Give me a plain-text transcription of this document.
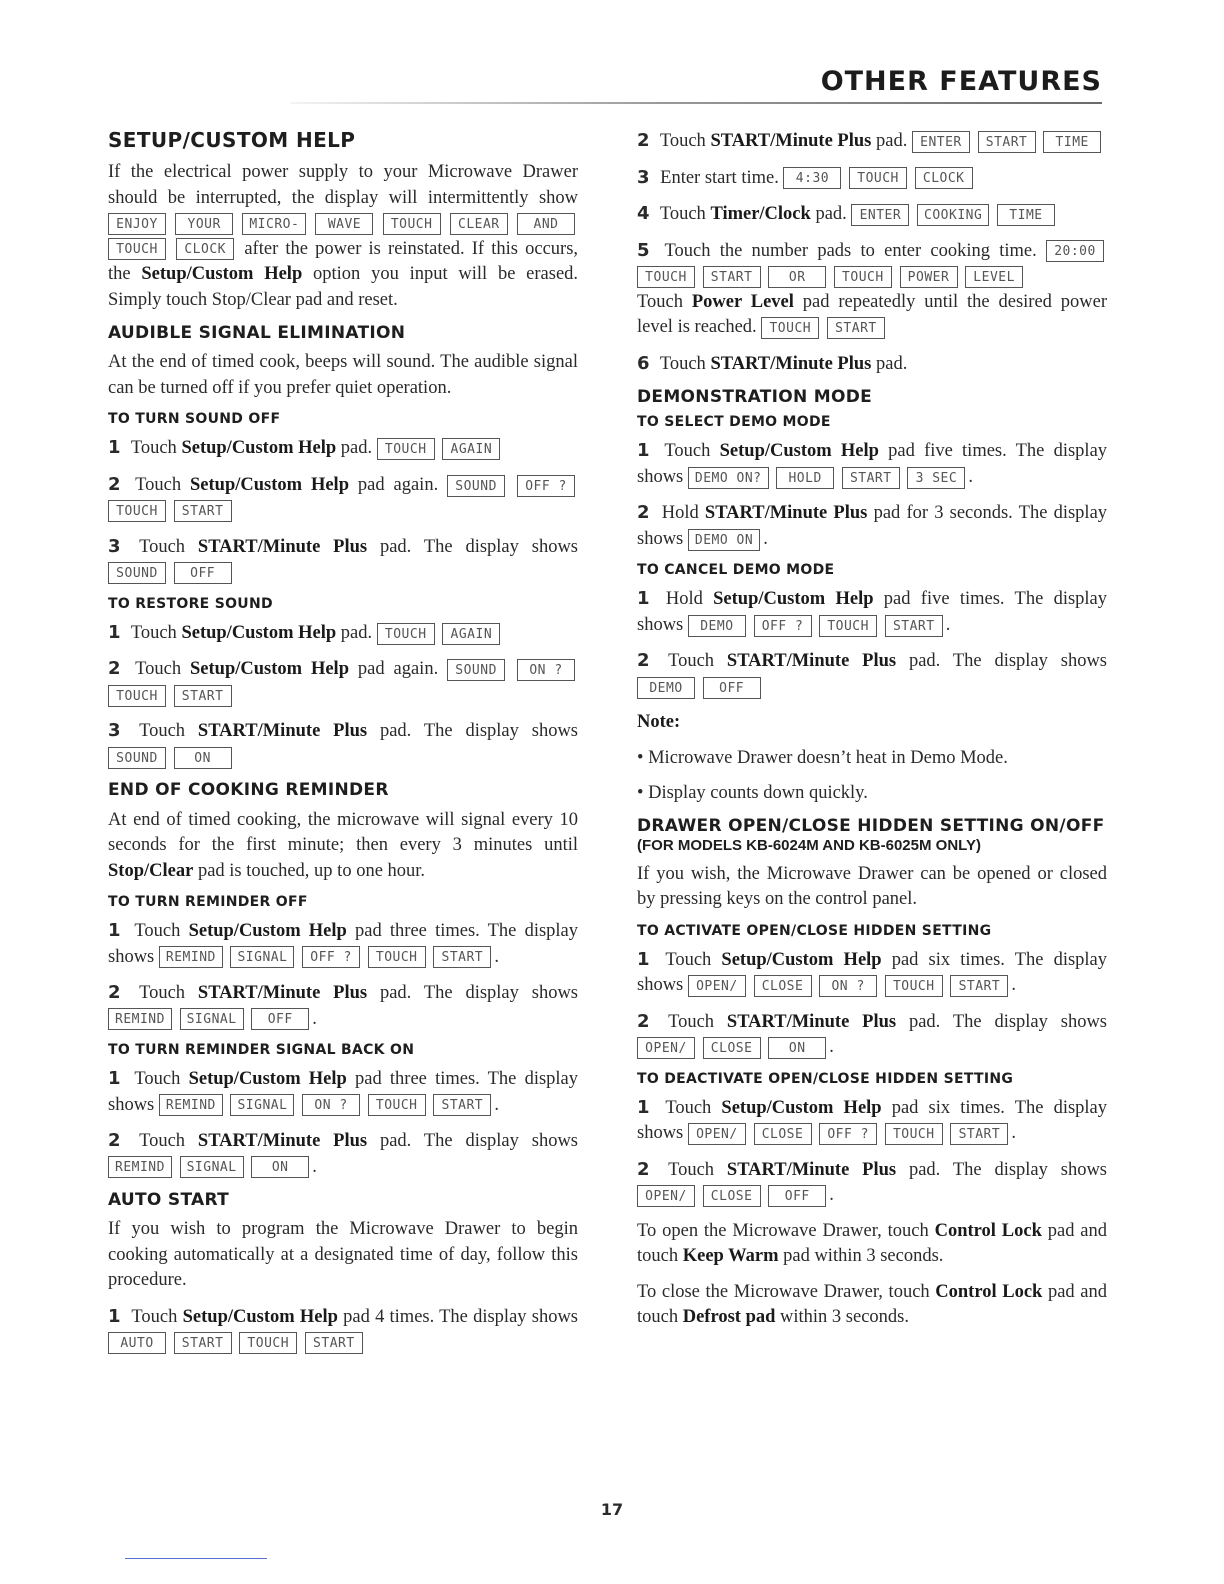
OTHER FEATURES
SETUP/CUSTOM HELP

If the electrical power supply to your Microwave Drawer should be interrupted, the display will intermittently show ENJOY YOUR MICRO- WAVE TOUCH CLEAR	AND TOUCH CLOCK after the power is reinstated. If this occurs, the Setup/Custom Help option you input will be erased. Simply touch Stop/Clear pad and reset.

AUDIBLE SIGNAL ELIMINATION

At the end of timed cook, beeps will sound. The audible signal can be turned off if you prefer quiet operation.

TO TURN SOUND OFF

1 Touch Setup/Custom Help pad. TOUCH AGAIN

2 Touch Setup/Custom Help pad again. SOUND OFF ? TOUCH START

3 Touch START/Minute Plus pad. The display shows SOUND OFF

TO RESTORE SOUND

1 Touch Setup/Custom Help pad. TOUCH AGAIN

2 Touch Setup/Custom Help pad again. SOUND ON ? TOUCH START

3 Touch START/Minute Plus pad. The display shows SOUND	ON

END OF COOKING REMINDER

At end of timed cooking, the microwave will signal every 10 seconds for the first minute; then every 3 minutes until Stop/Clear pad is touched, up to one hour.

TO TURN REMINDER OFF

1 Touch Setup/Custom Help pad three times. The display shows REMIND SIGNAL OFF ? TOUCH START .

2 Touch START/Minute Plus pad. The display shows REMIND SIGNAL OFF .

TO TURN REMINDER SIGNAL BACK ON

1 Touch Setup/Custom Help pad three times. The display shows REMIND SIGNAL ON ? TOUCH START .

2 Touch START/Minute Plus pad. The display shows REMIND SIGNAL	ON .

AUTO START

If you wish to program the Microwave Drawer to begin cooking automatically at a designated time of day, follow this procedure.

1 Touch Setup/Custom Help pad 4 times. The display shows AUTO START TOUCH START

2 Touch START/Minute Plus pad. ENTER START TIME

3 Enter start time. 4:30 TOUCH CLOCK

4 Touch Timer/Clock pad. ENTER COOKING TIME

5 Touch the number pads to enter cooking time. 20:00 TOUCH START	OR	TOUCH POWER LEVEL
Touch Power Level pad repeatedly until the desired power level is reached. TOUCH START

6 Touch START/Minute Plus pad.

DEMONSTRATION MODE
TO SELECT DEMO MODE

1 Touch Setup/Custom Help pad five times. The display shows DEMO ON? HOLD START 3 SEC .

2 Hold START/Minute Plus pad for 3 seconds. The display shows DEMO ON .

TO CANCEL DEMO MODE

1 Hold Setup/Custom Help pad five times. The display shows DEMO OFF ? TOUCH START .

2 Touch START/Minute Plus pad. The display shows DEMO	OFF

Note:

• Microwave Drawer doesn’t heat in Demo Mode.
• Display counts down quickly.
DRAWER OPEN/CLOSE HIDDEN SETTING ON/OFF
(FOR MODELS KB-6024M AND KB-6025M ONLY)

If you wish, the Microwave Drawer can be opened or closed by pressing keys on the control panel.

TO ACTIVATE OPEN/CLOSE HIDDEN SETTING

1 Touch Setup/Custom Help pad six times. The display shows OPEN/ CLOSE ON ? TOUCH START .

2 Touch START/Minute Plus pad. The display shows OPEN/ CLOSE	ON .

TO DEACTIVATE OPEN/CLOSE HIDDEN SETTING

1 Touch Setup/Custom Help pad six times. The display shows OPEN/ CLOSE OFF ? TOUCH START .

2 Touch START/Minute Plus pad. The display shows OPEN/ CLOSE OFF .

To open the Microwave Drawer, touch Control Lock pad and touch Keep Warm pad within 3 seconds.

To close the Microwave Drawer, touch Control Lock pad and touch Defrost pad within 3 seconds.

17
